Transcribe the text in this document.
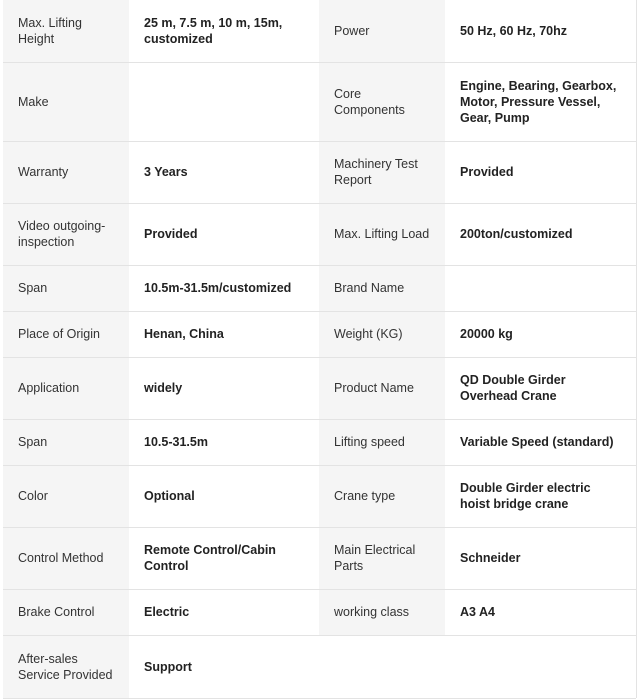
Max. Lifting Height	25 m, 7.5 m, 10 m, 15m, customized	Power	50 Hz, 60 Hz, 70hz
Make		Core Components	Engine, Bearing, Gearbox, Motor, Pressure Vessel, Gear, Pump
Warranty	3 Years	Machinery Test Report	Provided
Video outgoing-inspection	Provided	Max. Lifting Load	200ton/customized
Span	10.5m-31.5m/customized	Brand Name	
Place of Origin	Henan, China	Weight (KG)	20000 kg
Application	widely	Product Name	QD Double Girder Overhead Crane
Span	10.5-31.5m	Lifting speed	Variable Speed (standard)
Color	Optional	Crane type	Double Girder electric hoist bridge crane
Control Method	Remote Control/Cabin Control	Main Electrical Parts	Schneider
Brake Control	Electric	working class	A3 A4
After-sales Service Provided	Support		
